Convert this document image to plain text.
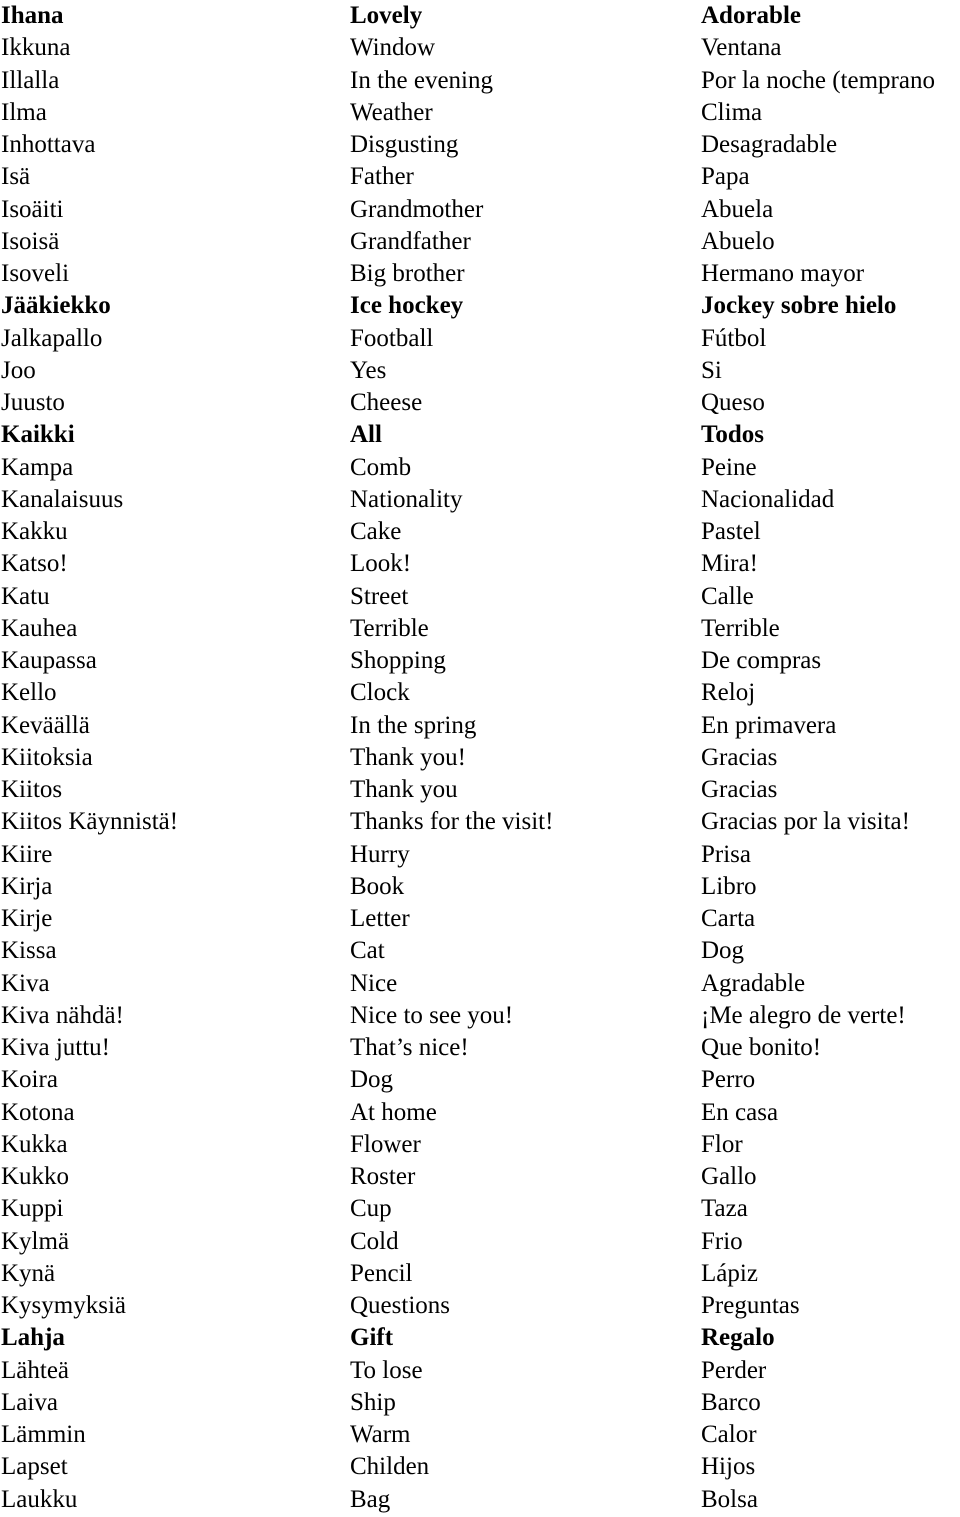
Ihana	Lovely	Adorable
Ikkuna	Window	Ventana
Illalla	In the evening	Por la noche (temprano
Ilma	Weather	Clima
Inhottava	Disgusting	Desagradable
Isä	Father	Papa
Isoäiti	Grandmother	Abuela
Isoisä	Grandfather	Abuelo
Isoveli	Big brother	Hermano mayor
Jääkiekko	Ice hockey	Jockey sobre hielo
Jalkapallo	Football	Fútbol
Joo	Yes	Si
Juusto	Cheese	Queso
Kaikki	All	Todos
Kampa	Comb	Peine
Kanalaisuus	Nationality	Nacionalidad
Kakku	Cake	Pastel
Katso!	Look!	Mira!
Katu	Street	Calle
Kauhea	Terrible	Terrible
Kaupassa	Shopping	De compras
Kello	Clock	Reloj
Keväällä	In the spring	En primavera
Kiitoksia	Thank you!	Gracias
Kiitos	Thank you	Gracias
Kiitos Käynnistä!	Thanks for the visit!	Gracias por la visita!
Kiire	Hurry	Prisa
Kirja	Book	Libro
Kirje	Letter	Carta
Kissa	Cat	Dog
Kiva	Nice	Agradable
Kiva nähdä!	Nice to see you!	¡Me alegro de verte!
Kiva juttu!	That’s nice!	Que bonito!
Koira	Dog	Perro
Kotona	At home	En casa
Kukka	Flower	Flor
Kukko	Roster	Gallo
Kuppi	Cup	Taza
Kylmä	Cold	Frio
Kynä	Pencil	Lápiz
Kysymyksiä	Questions	Preguntas
Lahja	Gift	Regalo
Lähteä	To lose	Perder
Laiva	Ship	Barco
Lämmin	Warm	Calor
Lapset	Childen	Hijos
Laukku	Bag	Bolsa
